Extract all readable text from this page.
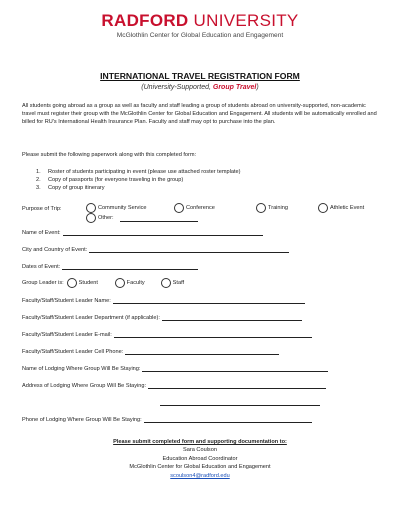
RADFORD UNIVERSITY
McGlothlin Center for Global Education and Engagement
INTERNATIONAL TRAVEL REGISTRATION FORM
(University-Supported, Group Travel)
All students going abroad as a group as well as faculty and staff leading a group of students abroad on university-supported, non-academic travel must register their group with the McGlothlin Center for Global Education and Engagement. All students will be automatically enrolled and billed for RU's International Health Insurance Plan. Faculty and staff may opt to purchase into the plan.
Please submit the following paperwork along with this completed form:
1. Roster of students participating in event (please use attached roster template)
2. Copy of passports (for everyone traveling in the group)
3. Copy of group itinerary
Purpose of Trip:	Community Service	Conference	Training	Athletic Event
Other:
Name of Event:
City and Country of Event:
Dates of Event:
Group Leader is:	Student	Faculty	Staff
Faculty/Staff/Student Leader Name:
Faculty/Staff/Student Leader Department (if applicable):
Faculty/Staff/Student Leader E-mail:
Faculty/Staff/Student Leader Cell Phone:
Name of Lodging Where Group Will Be Staying:
Address of Lodging Where Group Will Be Staying:
Phone of Lodging Where Group Will Be Staying:
Please submit completed form and supporting documentation to:
Sara Coulson
Education Abroad Coordinator
McGlothlin Center for Global Education and Engagement
scoulson4@radford.edu
